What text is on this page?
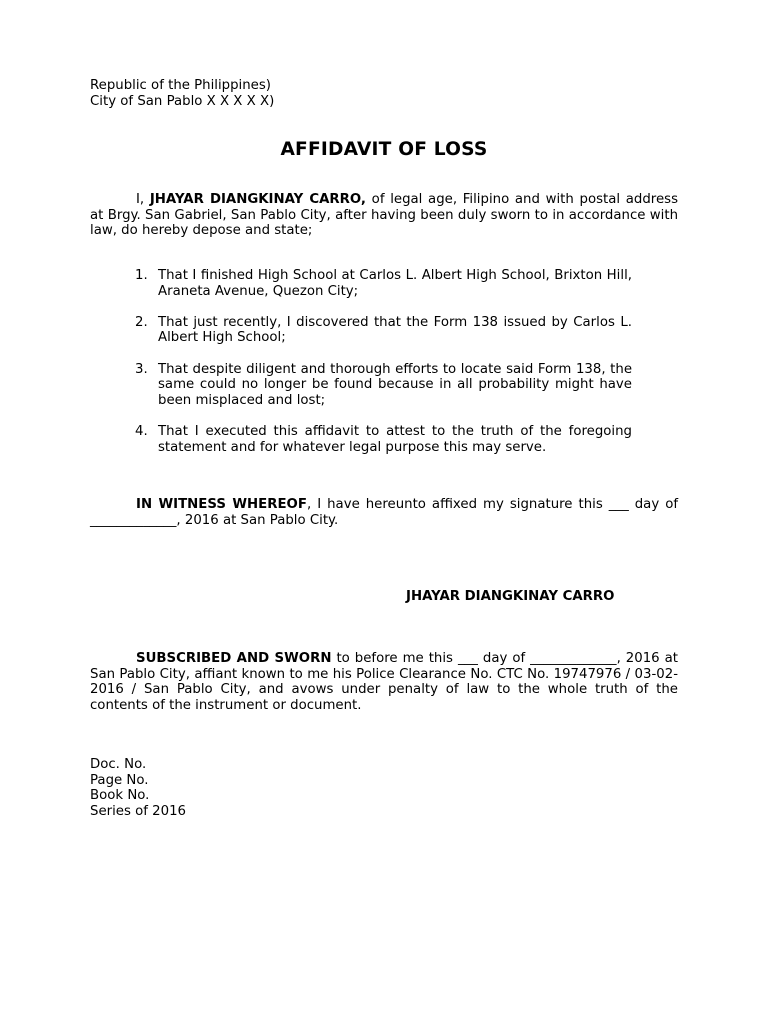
Republic of the Philippines)
City of San Pablo X X X X X)
AFFIDAVIT OF LOSS

I, JHAYAR DIANGKINAY CARRO, of legal age, Filipino and with postal address at Brgy. San Gabriel, San Pablo City, after having been duly sworn to in accordance with law, do hereby depose and state;

1. That I finished High School at Carlos L. Albert High School, Brixton Hill, Araneta Avenue, Quezon City;
2. That just recently, I discovered that the Form 138 issued by Carlos L. Albert High School;
3. That despite diligent and thorough efforts to locate said Form 138, the same could no longer be found because in all probability might have been misplaced and lost;
4. That I executed this affidavit to attest to the truth of the foregoing statement and for whatever legal purpose this may serve.

IN WITNESS WHEREOF, I have hereunto affixed my signature this ___ day of _____________, 2016 at San Pablo City.

JHAYAR DIANGKINAY CARRO

SUBSCRIBED AND SWORN to before me this ___ day of _____________, 2016 at San Pablo City, affiant known to me his Police Clearance No. CTC No. 19747976 / 03-02-2016 / San Pablo City, and avows under penalty of law to the whole truth of the contents of the instrument or document.

Doc. No.
Page No.
Book No.
Series of 2016
